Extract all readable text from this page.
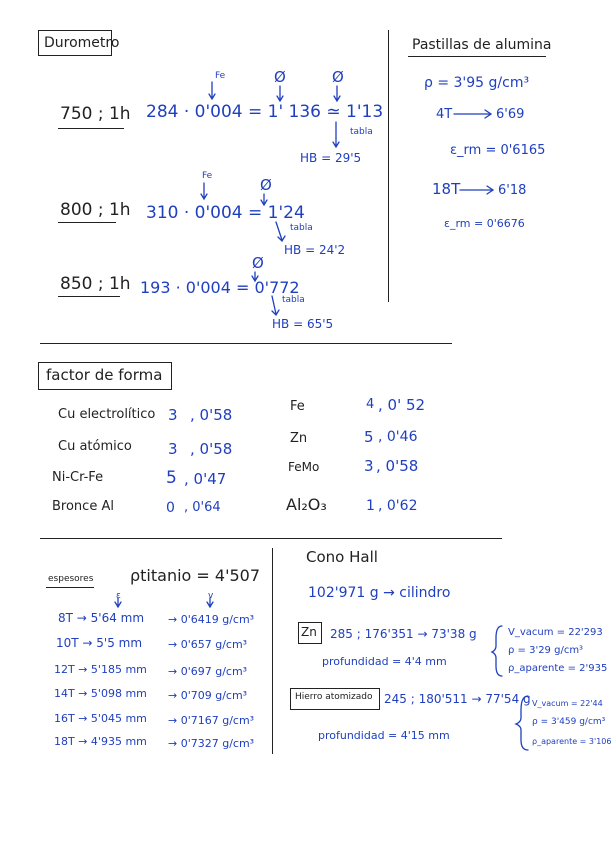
Durometro
Fe	Ø	Ø
750 ; 1h 284 · 0'004 = 1' 136 ≃ 1'13
tabla
HB = 29'5
Fe	Ø
800 ; 1h 310 · 0'004 = 1'24
tabla
HB = 24'2
Ø
850 ; 1h 193 · 0'004 = 0'772
tabla
HB = 65'5
Pastillas de alumina
ρ = 3'95 g/cm³
4T	6'69
ε_rm = 0'6165
18T	6'18
ε_rm = 0'6676
factor de forma
Cu electrolítico 3 , 0'58
Cu atómico 3 , 0'58
Ni-Cr-Fe	5 , 0'47
Bronce Al	0 , 0'64
Fe	4 , 0' 52
Zn	5 , 0'46
FeMo	3 , 0'58
Al₂O₃	1 , 0'62
espesores ρtitanio = 4'507
ε	v
8T → 5'64 mm → 0'6419 g/cm³
10T → 5'5 mm → 0'657 g/cm³
12T → 5'185 mm → 0'697 g/cm³
14T → 5'098 mm → 0'709 g/cm³
16T → 5'045 mm → 0'7167 g/cm³
18T → 4'935 mm → 0'7327 g/cm³
Cono Hall
102'971 g → cilindro
Zn 285 ; 176'351 → 73'38 g
profundidad = 4'4 mm
V_vacum = 22'293
ρ = 3'29 g/cm³
ρ_aparente = 2'935
Hierro atomizado 245 ; 180'511 → 77'54 g
profundidad = 4'15 mm
V_vacum = 22'44
ρ = 3'459 g/cm³
ρ_aparente = 3'106
